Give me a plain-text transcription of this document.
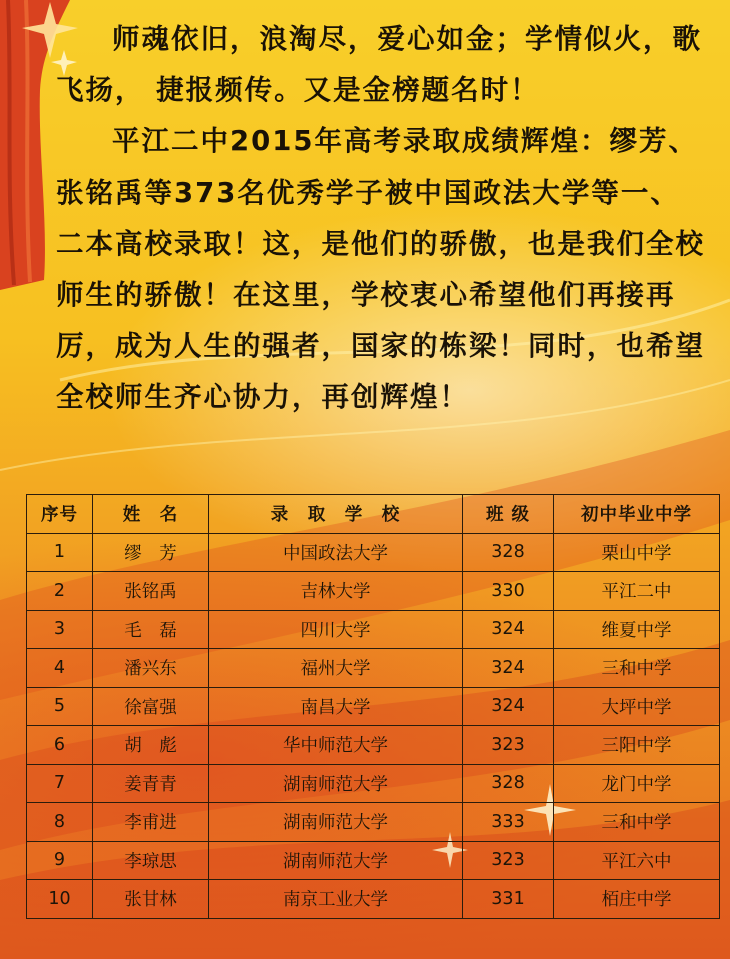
师魂依旧，浪淘尽，爱心如金；学情似火，歌飞扬， 捷报频传。又是金榜题名时！

平江二中2015年高考录取成绩辉煌：缪芳、张铭禹等373名优秀学子被中国政法大学等一、二本高校录取！这，是他们的骄傲，也是我们全校师生的骄傲！在这里，学校衷心希望他们再接再厉，成为人生的强者，国家的栋梁！同时，也希望全校师生齐心协力，再创辉煌！

序号	姓　名	录　取　学　校	班 级	初中毕业中学
1	缪　芳	中国政法大学	328	栗山中学
2	张铭禹	吉林大学	330	平江二中
3	毛　磊	四川大学	324	维夏中学
4	潘兴东	福州大学	324	三和中学
5	徐富强	南昌大学	324	大坪中学
6	胡　彪	华中师范大学	323	三阳中学
7	姜青青	湖南师范大学	328	龙门中学
8	李甫进	湖南师范大学	333	三和中学
9	李琼思	湖南师范大学	323	平江六中
10	张甘林	南京工业大学	331	栢庄中学
